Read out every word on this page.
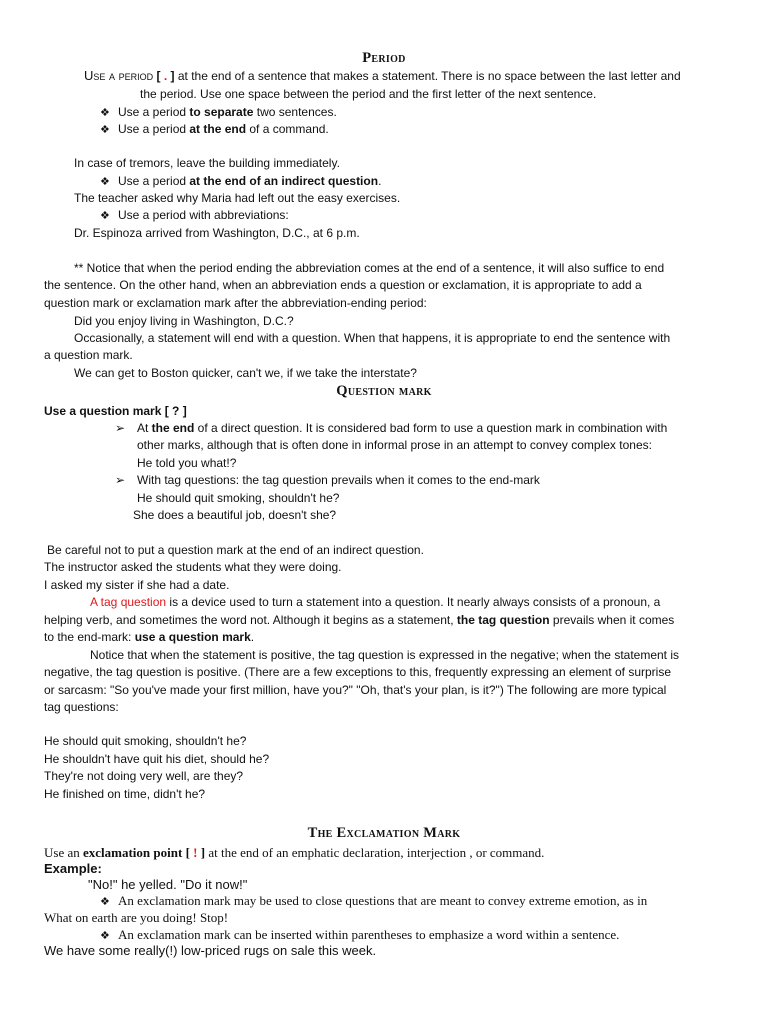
Period
Use a period [ . ] at the end of a sentence that makes a statement. There is no space between the last letter and
the period. Use one space between the period and the first letter of the next sentence.
❖ Use a period to separate two sentences.
❖ Use a period at the end of a command.
In case of tremors, leave the building immediately.
❖ Use a period at the end of an indirect question.
The teacher asked why Maria had left out the easy exercises.
❖ Use a period with abbreviations:
Dr. Espinoza arrived from Washington, D.C., at 6 p.m.
** Notice that when the period ending the abbreviation comes at the end of a sentence, it will also suffice to end
the sentence. On the other hand, when an abbreviation ends a question or exclamation, it is appropriate to add a
question mark or exclamation mark after the abbreviation-ending period:
Did you enjoy living in Washington, D.C.?
Occasionally, a statement will end with a question. When that happens, it is appropriate to end the sentence with
a question mark.
We can get to Boston quicker, can't we, if we take the interstate?
Question mark
Use a question mark [ ? ]
➢ At the end of a direct question. It is considered bad form to use a question mark in combination with
other marks, although that is often done in informal prose in an attempt to convey complex tones:
He told you what!?
➢ With tag questions: the tag question prevails when it comes to the end-mark
He should quit smoking, shouldn't he?
She does a beautiful job, doesn't she?
Be careful not to put a question mark at the end of an indirect question.
The instructor asked the students what they were doing.
I asked my sister if she had a date.
A tag question is a device used to turn a statement into a question. It nearly always consists of a pronoun, a
helping verb, and sometimes the word not. Although it begins as a statement, the tag question prevails when it comes
to the end-mark: use a question mark.
Notice that when the statement is positive, the tag question is expressed in the negative; when the statement is
negative, the tag question is positive. (There are a few exceptions to this, frequently expressing an element of surprise
or sarcasm: "So you've made your first million, have you?" "Oh, that's your plan, is it?") The following are more typical
tag questions:
He should quit smoking, shouldn't he?
He shouldn't have quit his diet, should he?
They're not doing very well, are they?
He finished on time, didn't he?
The Exclamation Mark
Use an exclamation point [ ! ] at the end of an emphatic declaration, interjection , or command.
Example:
"No!" he yelled. "Do it now!"
❖ An exclamation mark may be used to close questions that are meant to convey extreme emotion, as in
What on earth are you doing! Stop!
❖ An exclamation mark can be inserted within parentheses to emphasize a word within a sentence.
We have some really(!) low-priced rugs on sale this week.
